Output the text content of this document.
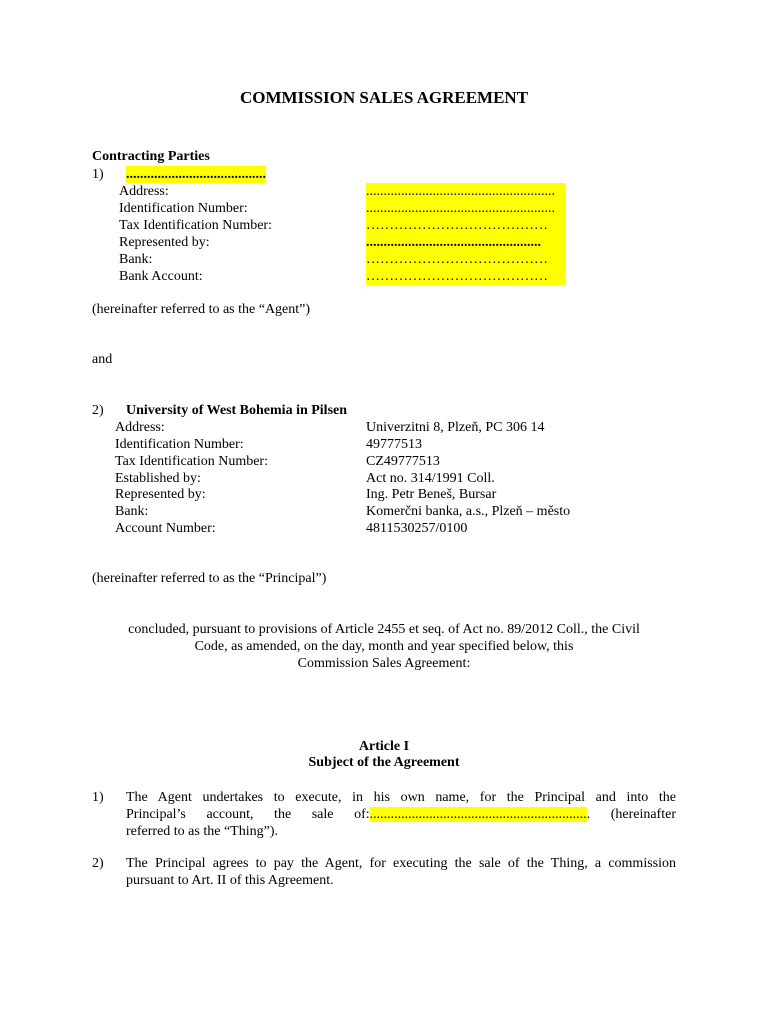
COMMISSION SALES AGREEMENT
Contracting Parties
1) ........................................
Address:	......................................................
Identification Number:	......................................................
Tax Identification Number:	…………………………………
Represented by:	..................................................
Bank:	…………………………………
Bank Account:	…………………………………
(hereinafter referred to as the “Agent”)
and
2) University of West Bohemia in Pilsen
Address:	Univerzitni 8, Plzeň, PC 306 14
Identification Number:	49777513
Tax Identification Number:	CZ49777513
Established by:	Act no. 314/1991 Coll.
Represented by:	Ing. Petr Beneš, Bursar
Bank:	Komerčni banka, a.s., Plzeň – město
Account Number:	4811530257/0100
(hereinafter referred to as the “Principal”)
concluded, pursuant to provisions of Article 2455 et seq. of Act no. 89/2012 Coll., the Civil
Code, as amended, on the day, month and year specified below, this
Commission Sales Agreement:
Article I
Subject of the Agreement
1) The Agent undertakes to execute, in his own name, for the Principal and into the
Principal’s account, the sale of:............................................................... (hereinafter
referred to as the “Thing”).
2) The Principal agrees to pay the Agent, for executing the sale of the Thing, a commission
pursuant to Art. II of this Agreement.
